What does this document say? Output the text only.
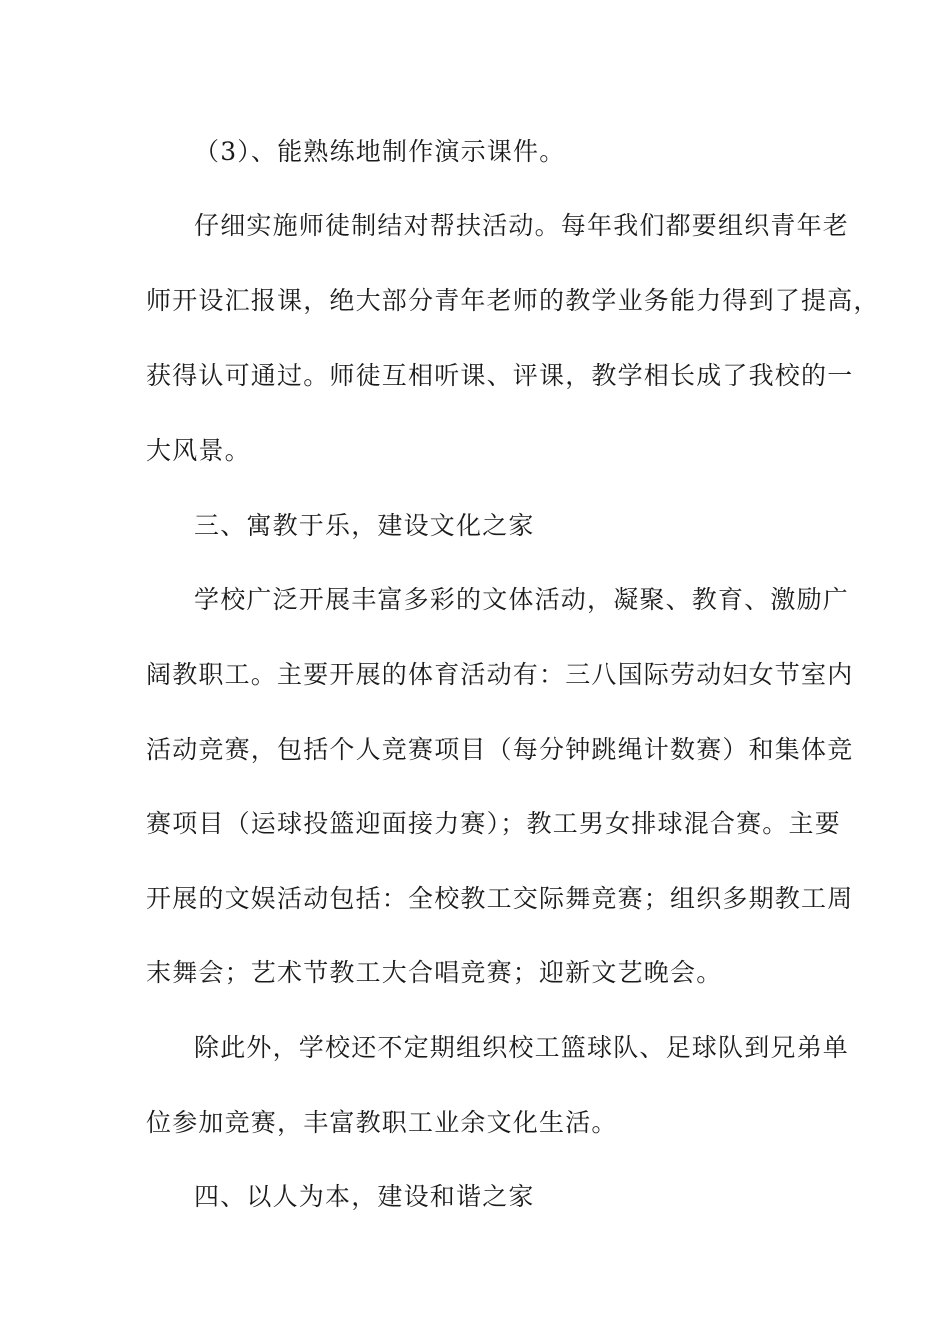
（3）、能熟练地制作演示课件。
仔细实施师徒制结对帮扶活动。每年我们都要组织青年老
师开设汇报课，绝大部分青年老师的教学业务能力得到了提高，
获得认可通过。师徒互相听课、评课，教学相长成了我校的一
大风景。
三、寓教于乐，建设文化之家
学校广泛开展丰富多彩的文体活动，凝聚、教育、激励广
阔教职工。主要开展的体育活动有：三八国际劳动妇女节室内
活动竞赛，包括个人竞赛项目（每分钟跳绳计数赛）和集体竞
赛项目（运球投篮迎面接力赛）；教工男女排球混合赛。主要
开展的文娱活动包括：全校教工交际舞竞赛；组织多期教工周
末舞会；艺术节教工大合唱竞赛；迎新文艺晚会。
除此外，学校还不定期组织校工篮球队、足球队到兄弟单
位参加竞赛，丰富教职工业余文化生活。
四、以人为本，建设和谐之家
